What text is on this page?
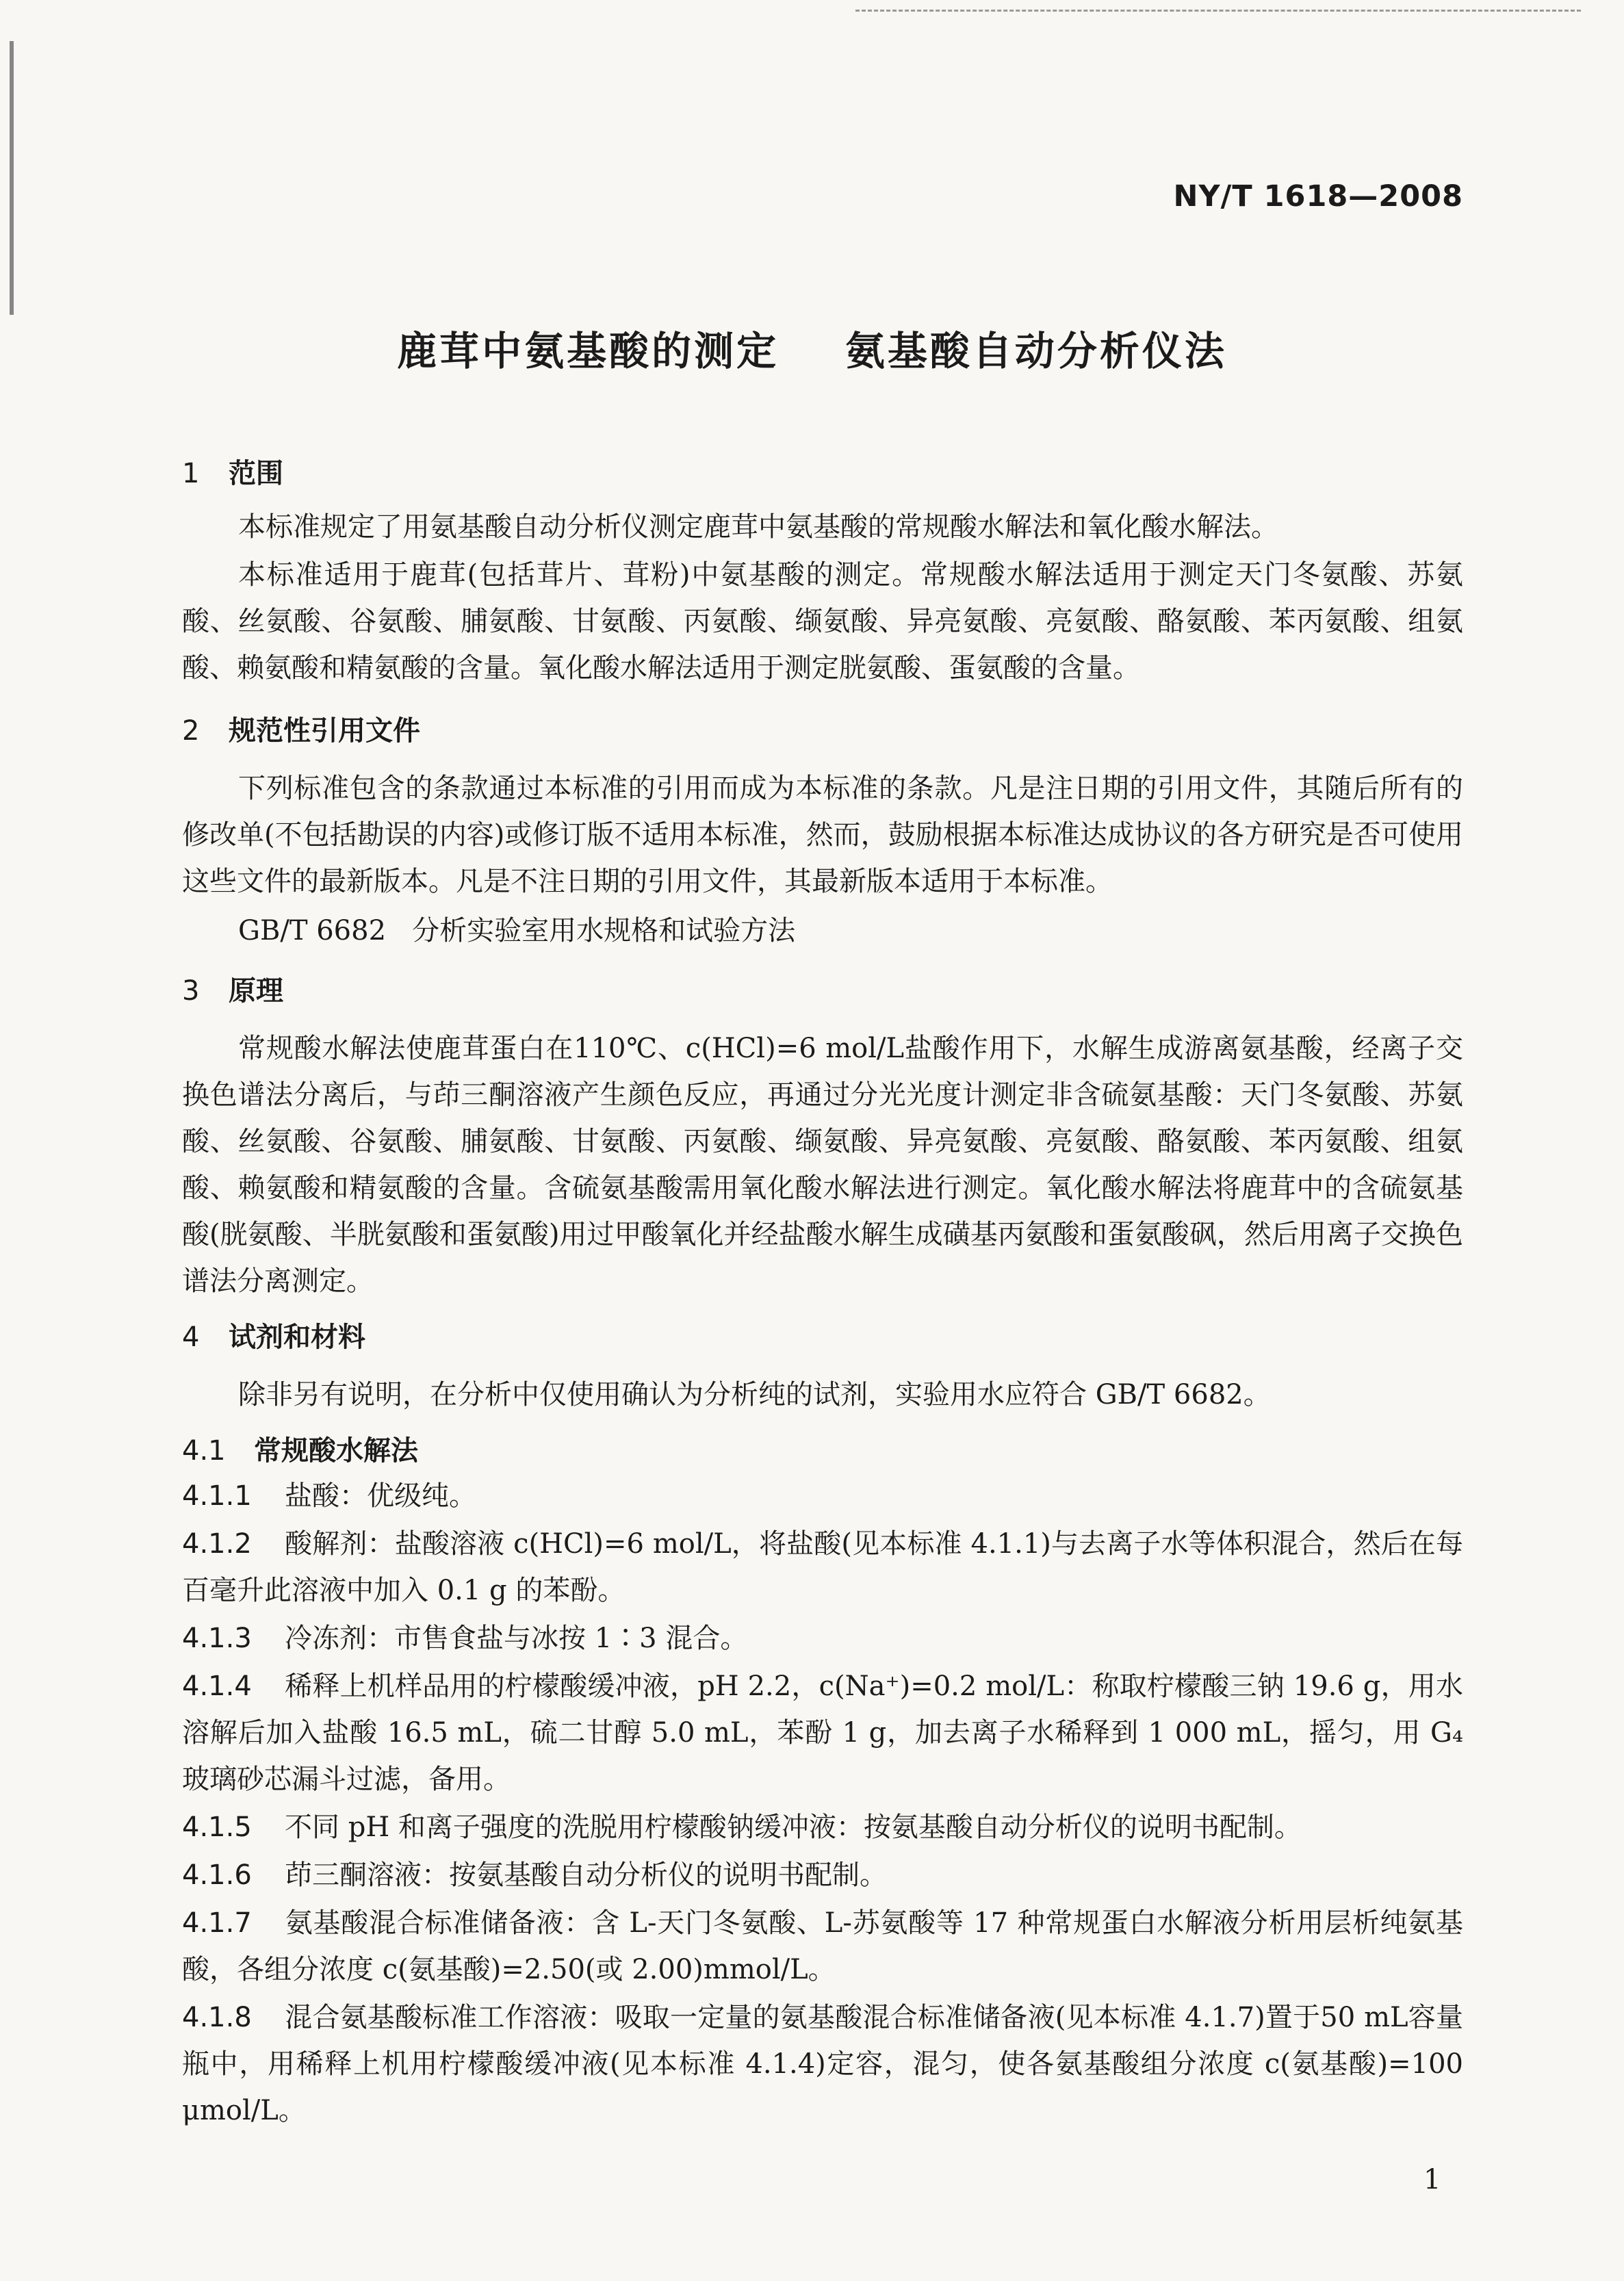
NY/T 1618—2008
鹿茸中氨基酸的测定    氨基酸自动分析仪法
1 范围

本标准规定了用氨基酸自动分析仪测定鹿茸中氨基酸的常规酸水解法和氧化酸水解法。

本标准适用于鹿茸(包括茸片、茸粉)中氨基酸的测定。常规酸水解法适用于测定天门冬氨酸、苏氨酸、丝氨酸、谷氨酸、脯氨酸、甘氨酸、丙氨酸、缬氨酸、异亮氨酸、亮氨酸、酪氨酸、苯丙氨酸、组氨酸、赖氨酸和精氨酸的含量。氧化酸水解法适用于测定胱氨酸、蛋氨酸的含量。

2 规范性引用文件

下列标准包含的条款通过本标准的引用而成为本标准的条款。凡是注日期的引用文件，其随后所有的修改单(不包括勘误的内容)或修订版不适用本标准，然而，鼓励根据本标准达成协议的各方研究是否可使用这些文件的最新版本。凡是不注日期的引用文件，其最新版本适用于本标准。

GB/T 6682   分析实验室用水规格和试验方法
3 原理

常规酸水解法使鹿茸蛋白在110℃、c(HCl)=6 mol/L盐酸作用下，水解生成游离氨基酸，经离子交换色谱法分离后，与茚三酮溶液产生颜色反应，再通过分光光度计测定非含硫氨基酸：天门冬氨酸、苏氨酸、丝氨酸、谷氨酸、脯氨酸、甘氨酸、丙氨酸、缬氨酸、异亮氨酸、亮氨酸、酪氨酸、苯丙氨酸、组氨酸、赖氨酸和精氨酸的含量。含硫氨基酸需用氧化酸水解法进行测定。氧化酸水解法将鹿茸中的含硫氨基酸(胱氨酸、半胱氨酸和蛋氨酸)用过甲酸氧化并经盐酸水解生成磺基丙氨酸和蛋氨酸砜，然后用离子交换色谱法分离测定。

4 试剂和材料

除非另有说明，在分析中仅使用确认为分析纯的试剂，实验用水应符合 GB/T 6682。

4.1 常规酸水解法

4.1.1 盐酸：优级纯。

4.1.2 酸解剂：盐酸溶液 c(HCl)=6 mol/L，将盐酸(见本标准 4.1.1)与去离子水等体积混合，然后在每百毫升此溶液中加入 0.1 g 的苯酚。

4.1.3 冷冻剂：市售食盐与冰按 1∶3 混合。

4.1.4 稀释上机样品用的柠檬酸缓冲液，pH 2.2，c(Na⁺)=0.2 mol/L：称取柠檬酸三钠 19.6 g，用水溶解后加入盐酸 16.5 mL，硫二甘醇 5.0 mL，苯酚 1 g，加去离子水稀释到 1 000 mL，摇匀，用 G₄ 玻璃砂芯漏斗过滤，备用。

4.1.5 不同 pH 和离子强度的洗脱用柠檬酸钠缓冲液：按氨基酸自动分析仪的说明书配制。

4.1.6 茚三酮溶液：按氨基酸自动分析仪的说明书配制。

4.1.7 氨基酸混合标准储备液：含 L-天门冬氨酸、L-苏氨酸等 17 种常规蛋白水解液分析用层析纯氨基酸，各组分浓度 c(氨基酸)=2.50(或 2.00)mmol/L。

4.1.8 混合氨基酸标准工作溶液：吸取一定量的氨基酸混合标准储备液(见本标准 4.1.7)置于50 mL容量瓶中，用稀释上机用柠檬酸缓冲液(见本标准 4.1.4)定容，混匀，使各氨基酸组分浓度 c(氨基酸)=100 μmol/L。

1
